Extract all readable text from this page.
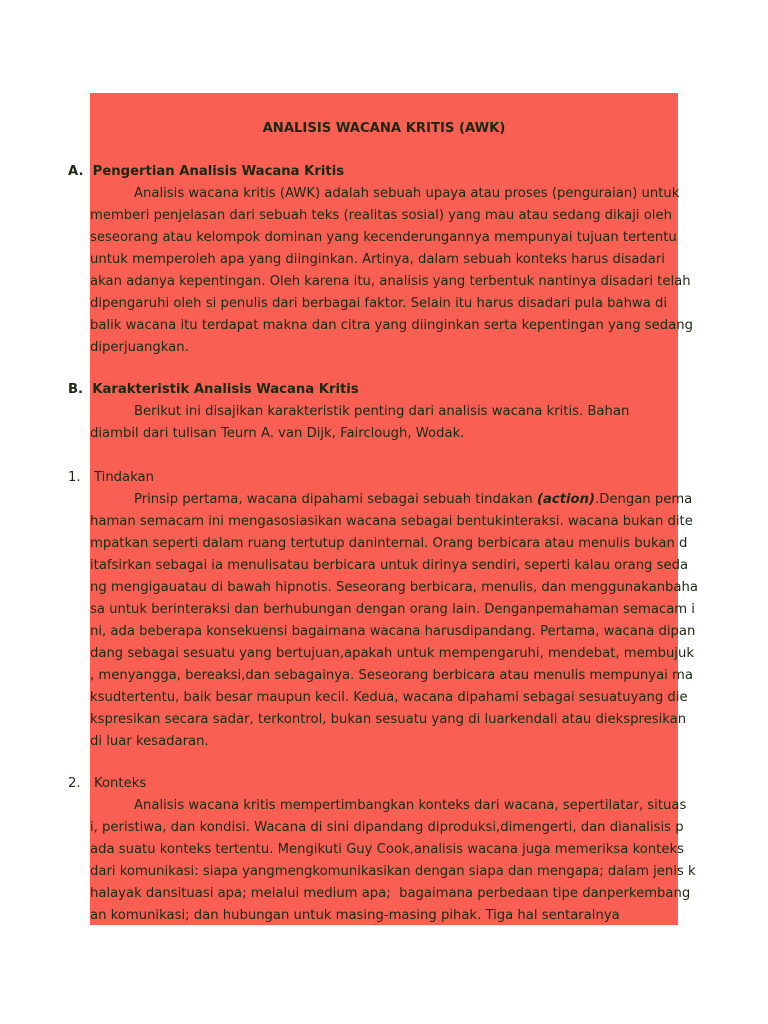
ANALISIS WACANA KRITIS (AWK)
A. Pengertian Analisis Wacana Kritis
Analisis wacana kritis (AWK) adalah sebuah upaya atau proses (penguraian) untuk
memberi penjelasan dari sebuah teks (realitas sosial) yang mau atau sedang dikaji oleh
seseorang atau kelompok dominan yang kecenderungannya mempunyai tujuan tertentu
untuk memperoleh apa yang diinginkan. Artinya, dalam sebuah konteks harus disadari
akan adanya kepentingan. Oleh karena itu, analisis yang terbentuk nantinya disadari telah
dipengaruhi oleh si penulis dari berbagai faktor. Selain itu harus disadari pula bahwa di
balik wacana itu terdapat makna dan citra yang diinginkan serta kepentingan yang sedang
diperjuangkan.
B. Karakteristik Analisis Wacana Kritis
Berikut ini disajikan karakteristik penting dari analisis wacana kritis. Bahan
diambil dari tulisan Teurn A. van Dijk, Fairclough, Wodak.
1. Tindakan
Prinsip pertama, wacana dipahami sebagai sebuah tindakan (action).Dengan pema
haman semacam ini mengasosiasikan wacana sebagai bentukinteraksi. wacana bukan dite
mpatkan seperti dalam ruang tertutup daninternal. Orang berbicara atau menulis bukan d
itafsirkan sebagai ia menulisatau berbicara untuk dirinya sendiri, seperti kalau orang seda
ng mengigauatau di bawah hipnotis. Seseorang berbicara, menulis, dan menggunakanbaha
sa untuk berinteraksi dan berhubungan dengan orang lain. Denganpemahaman semacam i
ni, ada beberapa konsekuensi bagaimana wacana harusdipandang. Pertama, wacana dipan
dang sebagai sesuatu yang bertujuan,apakah untuk mempengaruhi, mendebat, membujuk
, menyangga, bereaksi,dan sebagainya. Seseorang berbicara atau menulis mempunyai ma
ksudtertentu, baik besar maupun kecil. Kedua, wacana dipahami sebagai sesuatuyang die
kspresikan secara sadar, terkontrol, bukan sesuatu yang di luarkendali atau diekspresikan
di luar kesadaran.
2. Konteks
Analisis wacana kritis mempertimbangkan konteks dari wacana, sepertilatar, situas
i, peristiwa, dan kondisi. Wacana di sini dipandang diproduksi,dimengerti, dan dianalisis p
ada suatu konteks tertentu. Mengikuti Guy Cook,analisis wacana juga memeriksa konteks
dari komunikasi: siapa yangmengkomunikasikan dengan siapa dan mengapa; dalam jenis k
halayak dansituasi apa; melalui medium apa;  bagaimana perbedaan tipe danperkembang
an komunikasi; dan hubungan untuk masing-masing pihak. Tiga hal sentaralnya
